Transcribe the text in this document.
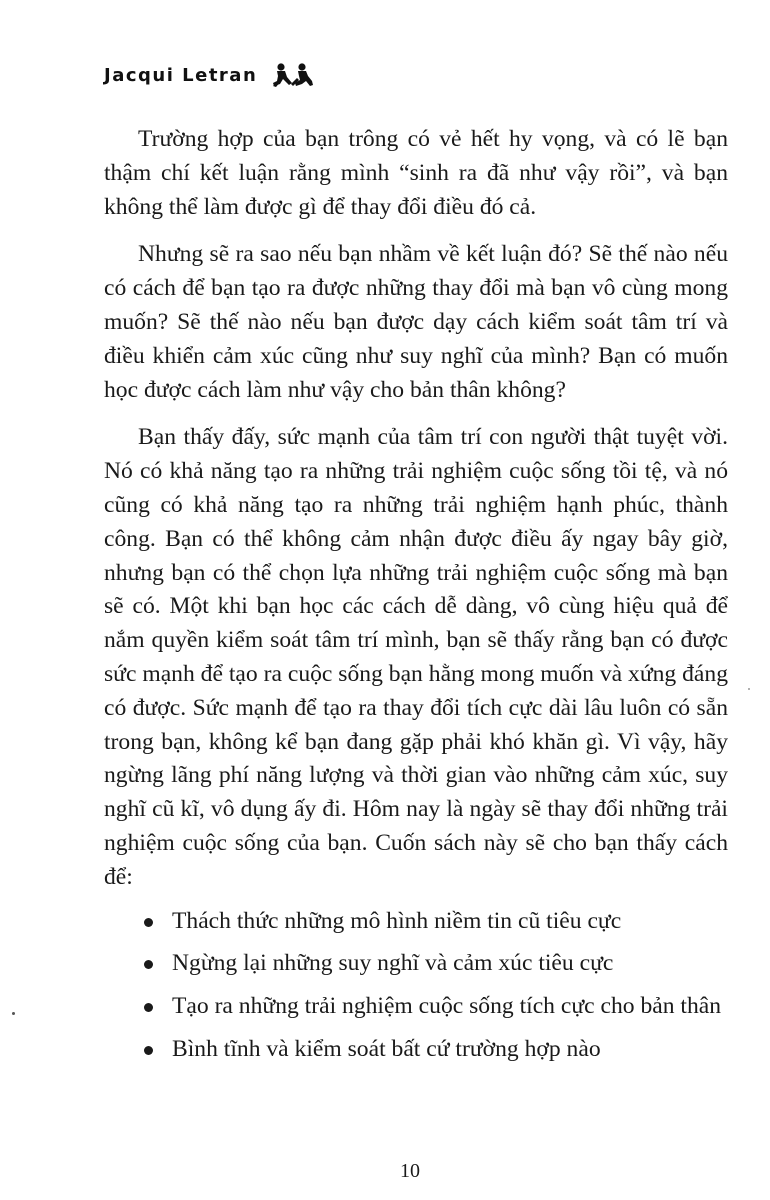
Jacqui Letran

Trường hợp của bạn trông có vẻ hết hy vọng, và có lẽ bạn thậm chí kết luận rằng mình “sinh ra đã như vậy rồi”, và bạn không thể làm được gì để thay đổi điều đó cả.

Nhưng sẽ ra sao nếu bạn nhầm về kết luận đó? Sẽ thế nào nếu có cách để bạn tạo ra được những thay đổi mà bạn vô cùng mong muốn? Sẽ thế nào nếu bạn được dạy cách kiểm soát tâm trí và điều khiển cảm xúc cũng như suy nghĩ của mình? Bạn có muốn học được cách làm như vậy cho bản thân không?

Bạn thấy đấy, sức mạnh của tâm trí con người thật tuyệt vời. Nó có khả năng tạo ra những trải nghiệm cuộc sống tồi tệ, và nó cũng có khả năng tạo ra những trải nghiệm hạnh phúc, thành công. Bạn có thể không cảm nhận được điều ấy ngay bây giờ, nhưng bạn có thể chọn lựa những trải nghiệm cuộc sống mà bạn sẽ có. Một khi bạn học các cách dễ dàng, vô cùng hiệu quả để nắm quyền kiểm soát tâm trí mình, bạn sẽ thấy rằng bạn có được sức mạnh để tạo ra cuộc sống bạn hằng mong muốn và xứng đáng có được. Sức mạnh để tạo ra thay đổi tích cực dài lâu luôn có sẵn trong bạn, không kể bạn đang gặp phải khó khăn gì. Vì vậy, hãy ngừng lãng phí năng lượng và thời gian vào những cảm xúc, suy nghĩ cũ kĩ, vô dụng ấy đi. Hôm nay là ngày sẽ thay đổi những trải nghiệm cuộc sống của bạn. Cuốn sách này sẽ cho bạn thấy cách để:

Thách thức những mô hình niềm tin cũ tiêu cực
Ngừng lại những suy nghĩ và cảm xúc tiêu cực
Tạo ra những trải nghiệm cuộc sống tích cực cho bản thân
Bình tĩnh và kiểm soát bất cứ trường hợp nào
10
